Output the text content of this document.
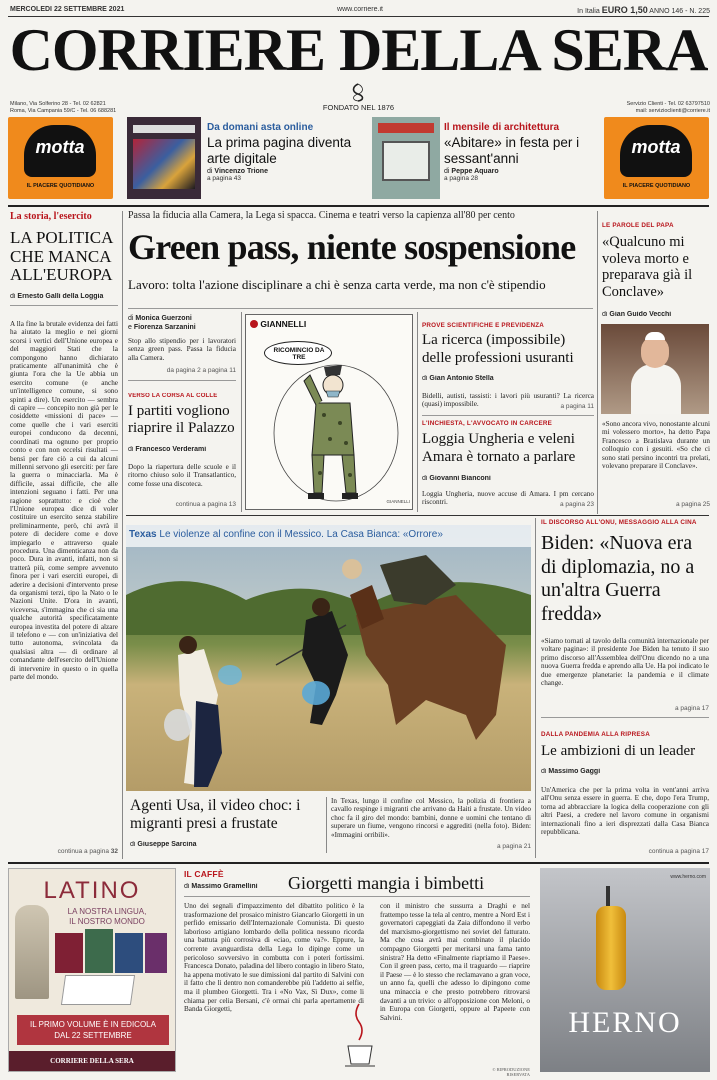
MERCOLEDÌ 22 SETTEMBRE 2021	www.corriere.it	In Italia EURO 1,50 ANNO 146 - N. 225
CORRIERE DELLA SERA
FONDATO NEL 1876
Milano, Via Solferino 28 - Tel. 02 62821
Roma, Via Campania 59/C - Tel. 06 688281
Servizio Clienti - Tel. 02 63797510
mail: servizioclienti@corriere.it
motta
IL PIACERE QUOTIDIANO
Da domani asta online
La prima pagina diventa arte digitale
di Vincenzo Trione
a pagina 43
Il mensile di architettura
«Abitare» in festa per i sessant'anni
di Peppe Aquaro
a pagina 28
motta
IL PIACERE QUOTIDIANO
La storia, l'esercito
LA POLITICA CHE MANCA ALL'EUROPA
di Ernesto Galli della Loggia
A lla fine la brutale evidenza dei fatti ha aiutato la meglio e nei giorni scorsi i vertici dell'Unione europea e del maggiori Stati che la compongono hanno dichiarato praticamente all'unanimità che è giunta l'ora che la Ue abbia un esercito comune (e anche un'intelligence comune, si sono spinti a dire). Un esercito — sembra di capire — concepito non già per le cosiddette «missioni di pace» — come quelle che i vari eserciti europei conducono da decenni, coordinati ma ognuno per proprio conto e con non eccelsi risultati — bensì per fare ciò a cui da alcuni millenni servono gli eserciti: per fare la guerra o minacciarla. Ma è difficile, assai difficile, che alle intenzioni seguano i fatti. Per una ragione soprattutto: e cioè che l'Unione europea dice di voler costituire un esercito senza stabilire preliminarmente, però, chi avrà il potere di decidere come e dove impiegarlo e attraverso quale procedura. Una dimenticanza non da poco. Dura in avanti, infatti, non si tratterà più, come sempre avvenuto finora per i vari eserciti europei, di aderire a decisioni d'intervento prese da organismi terzi, tipo la Nato o le Nazioni Unite. D'ora in avanti, viceversa, s'immagina che ci sia una qualche autorità specificatamente europea investita del potere di alzare il telefono e — con un'iniziativa del tutto autonoma, svincolata da qualsiasi altra — di ordinare al comandante dell'esercito dell'Unione di intervenire in questo o in quella parte del mondo.
continua a pagina 32
Passa la fiducia alla Camera, la Lega si spacca. Cinema e teatri verso la capienza all'80 per cento
Green pass, niente sospensione
Lavoro: tolta l'azione disciplinare a chi è senza carta verde, ma non c'è stipendio
di Monica Guerzoni
e Fiorenza Sarzanini
Stop allo stipendio per i lavoratori senza green pass. Passa la fiducia alla Camera.
da pagina 2 a pagina 11
VERSO LA CORSA AL COLLE
I partiti vogliono riaprire il Palazzo
di Francesco Verderami
Dopo la riapertura delle scuole e il ritorno chiuso solo il Transatlantico, come fosse una discoteca.
continua a pagina 13
GIANNELLI
RICOMINCIO DA TRE
GIANNELLI
PROVE SCIENTIFICHE E PREVIDENZA
La ricerca (impossibile) delle professioni usuranti
di Gian Antonio Stella
Bidelli, autisti, tassisti: i lavori più usuranti? La ricerca (quasi) impossibile.	a pagina 11
L'INCHIESTA, L'AVVOCATO IN CARCERE
Loggia Ungheria e veleni Amara è tornato a parlare
di Giovanni Bianconi
Loggia Ungheria, nuove accuse di Amara. I pm cercano riscontri.	a pagina 23
LE PAROLE DEL PAPA
«Qualcuno mi voleva morto e preparava già il Conclave»
di Gian Guido Vecchi
«Sono ancora vivo, nonostante alcuni mi volessero morto», ha detto Papa Francesco a Bratislava durante un colloquio con i gesuiti. «So che ci sono stati persino incontri tra prelati, volevano preparare il Conclave».
a pagina 25
Texas Le violenze al confine con il Messico. La Casa Bianca: «Orrore»
Agenti Usa, il video choc: i migranti presi a frustate
di Giuseppe Sarcina
In Texas, lungo il confine col Messico, la polizia di frontiera a cavallo respinge i migranti che arrivano da Haiti a frustate. Un video choc fa il giro del mondo: bambini, donne e uomini che tentano di superare un fiume, vengono rincorsi e aggrediti (nella foto). Biden: «Immagini orribili».
a pagina 21
IL DISCORSO ALL'ONU, MESSAGGIO ALLA CINA
Biden: «Nuova era di diplomazia, no a un'altra Guerra fredda»
«Siamo tornati al tavolo della comunità internazionale per voltare pagina»: il presidente Joe Biden ha tenuto il suo primo discorso all'Assemblea dell'Onu dicendo no a una nuova Guerra fredda e aprendo alla Ue. Ha poi indicato le due emergenze planetarie: la pandemia e il climate change.
a pagina 17
DALLA PANDEMIA ALLA RIPRESA
Le ambizioni di un leader
di Massimo Gaggi
Un'America che per la prima volta in vent'anni arriva all'Onu senza essere in guerra. E che, dopo l'era Trump, torna ad abbracciare la logica della cooperazione con gli altri Paesi, a credere nel lavoro comune in organismi internazionali fino a ieri disprezzati dalla Casa Bianca repubblicana.
continua a pagina 17
LATINO
LA NOSTRA LINGUA,
IL NOSTRO MONDO
IL PRIMO VOLUME È IN EDICOLA
DAL 22 SETTEMBRE
CORRIERE DELLA SERA
IL CAFFÈ
di Massimo Gramellini	Giorgetti mangia i bimbetti
Uno dei segnali d'impazzimento del dibattito politico è la trasformazione del prosaico ministro Giancarlo Giorgetti in un perfido emissario dell'Internazionale Comunista. Di questo laborioso artigiano lombardo della politica nessuno ricorda una battuta più corrosiva di «ciao, come va?». Eppure, la corrente avanguardista della Lega lo dipinge come un pericoloso sovversivo in combutta con i poteri fortissimi. Francesca Donato, paladina del libero contagio in libero Stato, ha appena motivato le sue dimissioni dal partito di Salvini con il fatto che lì dentro non comanderebbe più l'addetto ai selfie, ma il plumbeo Giorgetti. Tra i «No Vax, Sì Dux», come li chiama per celia Bersani, c'è ormai chi parla apertamente di Banda Giorgetti,
con il ministro che sussurra a Draghi e nel frattempo tesse la tela al centro, mentre a Nord Est i governatori capeggiati da Zaia diffondono il verbo del marxismo-giorgettismo nei soviet del fatturato. Ma che cosa avrà mai combinato il placido compagno Giorgetti per meritarsi una fama tanto sinistra? Ha detto «Finalmente riapriamo il Paese». Con il green pass, certo, ma il traguardo — riaprire il Paese — è lo stesso che reclamavano a gran voce, un anno fa, quelli che adesso lo dipingono come una minaccia e che presto potrebbero ritrovarsi davanti a un trivio: o all'opposizione con Meloni, o in Europa con Giorgetti, oppure al Papeete con Salvini.
© RIPRODUZIONE RISERVATA
www.herno.com
HERNO
